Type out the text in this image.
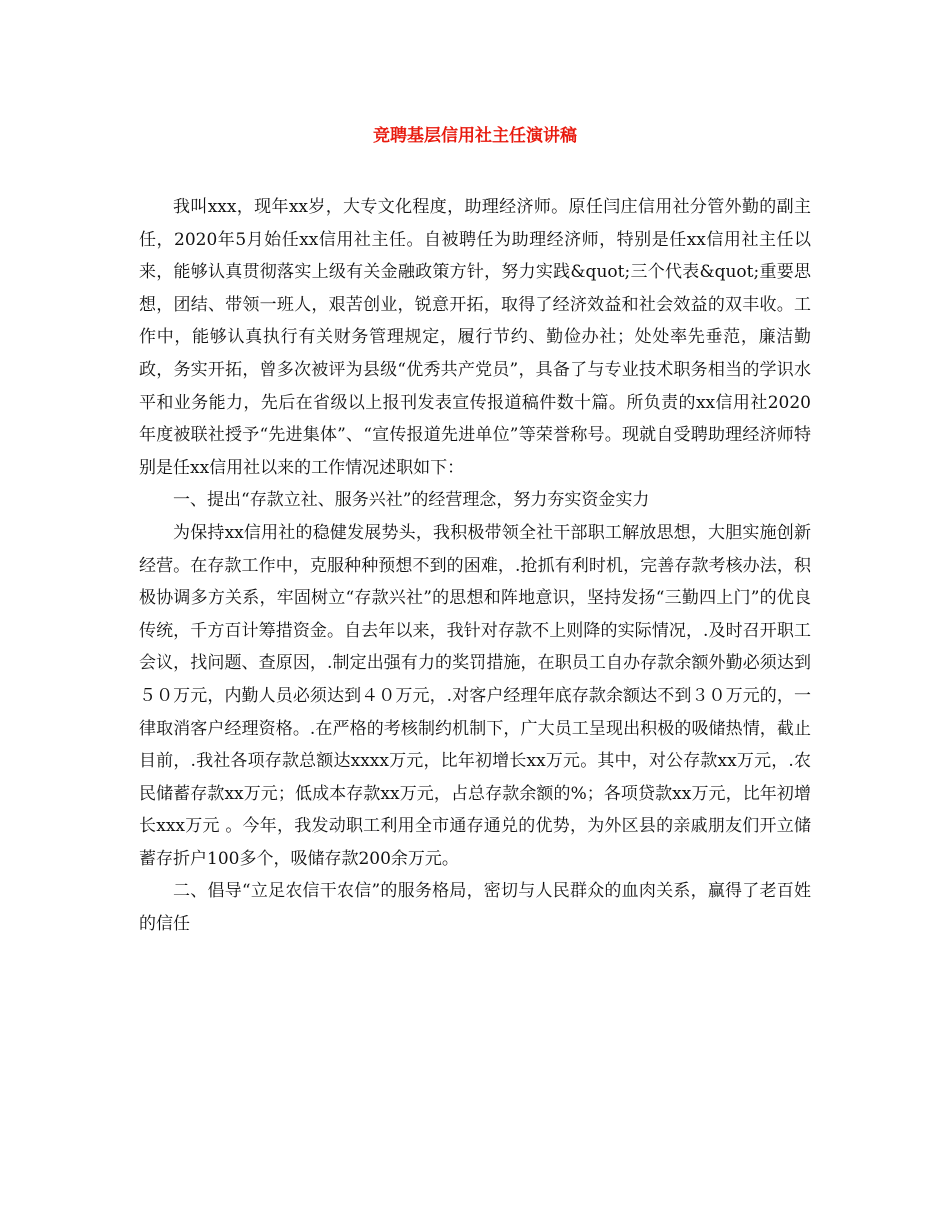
竞聘基层信用社主任演讲稿

我叫xxx，现年xx岁，大专文化程度，助理经济师。原任闫庄信用社分管外勤的副主任，2020年5月始任xx信用社主任。自被聘任为助理经济师，特别是任xx信用社主任以来，能够认真贯彻落实上级有关金融政策方针，努力实践&quot;三个代表&quot;重要思想，团结、带领一班人，艰苦创业，锐意开拓，取得了经济效益和社会效益的双丰收。工作中，能够认真执行有关财务管理规定，履行节约、勤俭办社；处处率先垂范，廉洁勤政，务实开拓，曾多次被评为县级“优秀共产党员”，具备了与专业技术职务相当的学识水平和业务能力，先后在省级以上报刊发表宣传报道稿件数十篇。所负责的xx信用社2020年度被联社授予“先进集体”、“宣传报道先进单位”等荣誉称号。现就自受聘助理经济师特别是任xx信用社以来的工作情况述职如下：

一、提出“存款立社、服务兴社”的经营理念，努力夯实资金实力

为保持xx信用社的稳健发展势头，我积极带领全社干部职工解放思想，大胆实施创新经营。在存款工作中，克服种种预想不到的困难，.抢抓有利时机，完善存款考核办法，积极协调多方关系，牢固树立“存款兴社”的思想和阵地意识，坚持发扬“三勤四上门”的优良传统，千方百计筹措资金。自去年以来，我针对存款不上则降的实际情况，.及时召开职工会议，找问题、查原因，.制定出强有力的奖罚措施，在职员工自办存款余额外勤必须达到５０万元，内勤人员必须达到４０万元，.对客户经理年底存款余额达不到３０万元的，一律取消客户经理资格。.在严格的考核制约机制下，广大员工呈现出积极的吸储热情，截止目前，.我社各项存款总额达xxxx万元，比年初增长xx万元。其中，对公存款xx万元，.农民储蓄存款xx万元；低成本存款xx万元，占总存款余额的%；各项贷款xx万元，比年初增长xxx万元 。今年，我发动职工利用全市通存通兑的优势，为外区县的亲戚朋友们开立储蓄存折户100多个，吸储存款200余万元。

二、倡导“立足农信干农信”的服务格局，密切与人民群众的血肉关系，赢得了老百姓的信任
